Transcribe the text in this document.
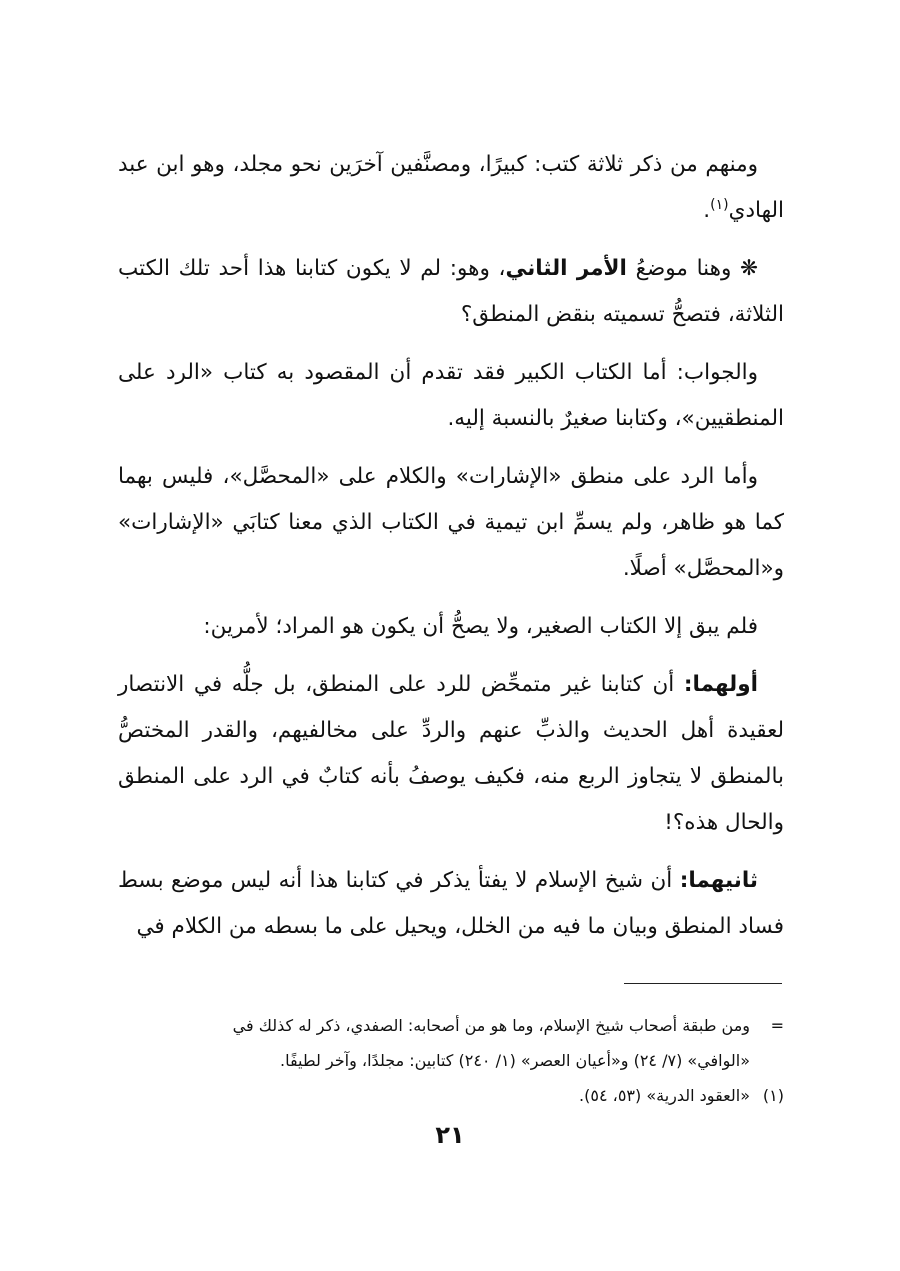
ومنهم من ذكر ثلاثة كتب: كبيرًا، ومصنَّفين آخرَين نحو مجلد، وهو ابن عبد الهادي$^{(١)}$.

❋ وهنا موضعُ الأمر الثاني، وهو: لم لا يكون كتابنا هذا أحد تلك الكتب الثلاثة، فتصحُّ تسميته بنقض المنطق؟

والجواب: أما الكتاب الكبير فقد تقدم أن المقصود به كتاب «الرد على المنطقيين»، وكتابنا صغيرٌ بالنسبة إليه.

وأما الرد على منطق «الإشارات» والكلام على «المحصَّل»، فليس بهما كما هو ظاهر، ولم يسمِّ ابن تيمية في الكتاب الذي معنا كتابَي «الإشارات» و«المحصَّل» أصلًا.

فلم يبق إلا الكتاب الصغير، ولا يصحُّ أن يكون هو المراد؛ لأمرين:

أولهما: أن كتابنا غير متمحِّض للرد على المنطق، بل جلُّه في الانتصار لعقيدة أهل الحديث والذبِّ عنهم والردِّ على مخالفيهم، والقدر المختصُّ بالمنطق لا يتجاوز الربع منه، فكيف يوصفُ بأنه كتابٌ في الرد على المنطق والحال هذه؟!

ثانيهما: أن شيخ الإسلام لا يفتأ يذكر في كتابنا هذا أنه ليس موضع بسط فساد المنطق وبيان ما فيه من الخلل، ويحيل على ما بسطه من الكلام في

=ومن طبقة أصحاب شيخ الإسلام، وما هو من أصحابه: الصفدي، ذكر له كذلك في

«الوافي» (٧/ ٢٤) و«أعيان العصر» (١/ ٢٤٠) كتابين: مجلدًا، وآخر لطيفًا.

(١)«العقود الدرية» (٥٣، ٥٤).

٢١
